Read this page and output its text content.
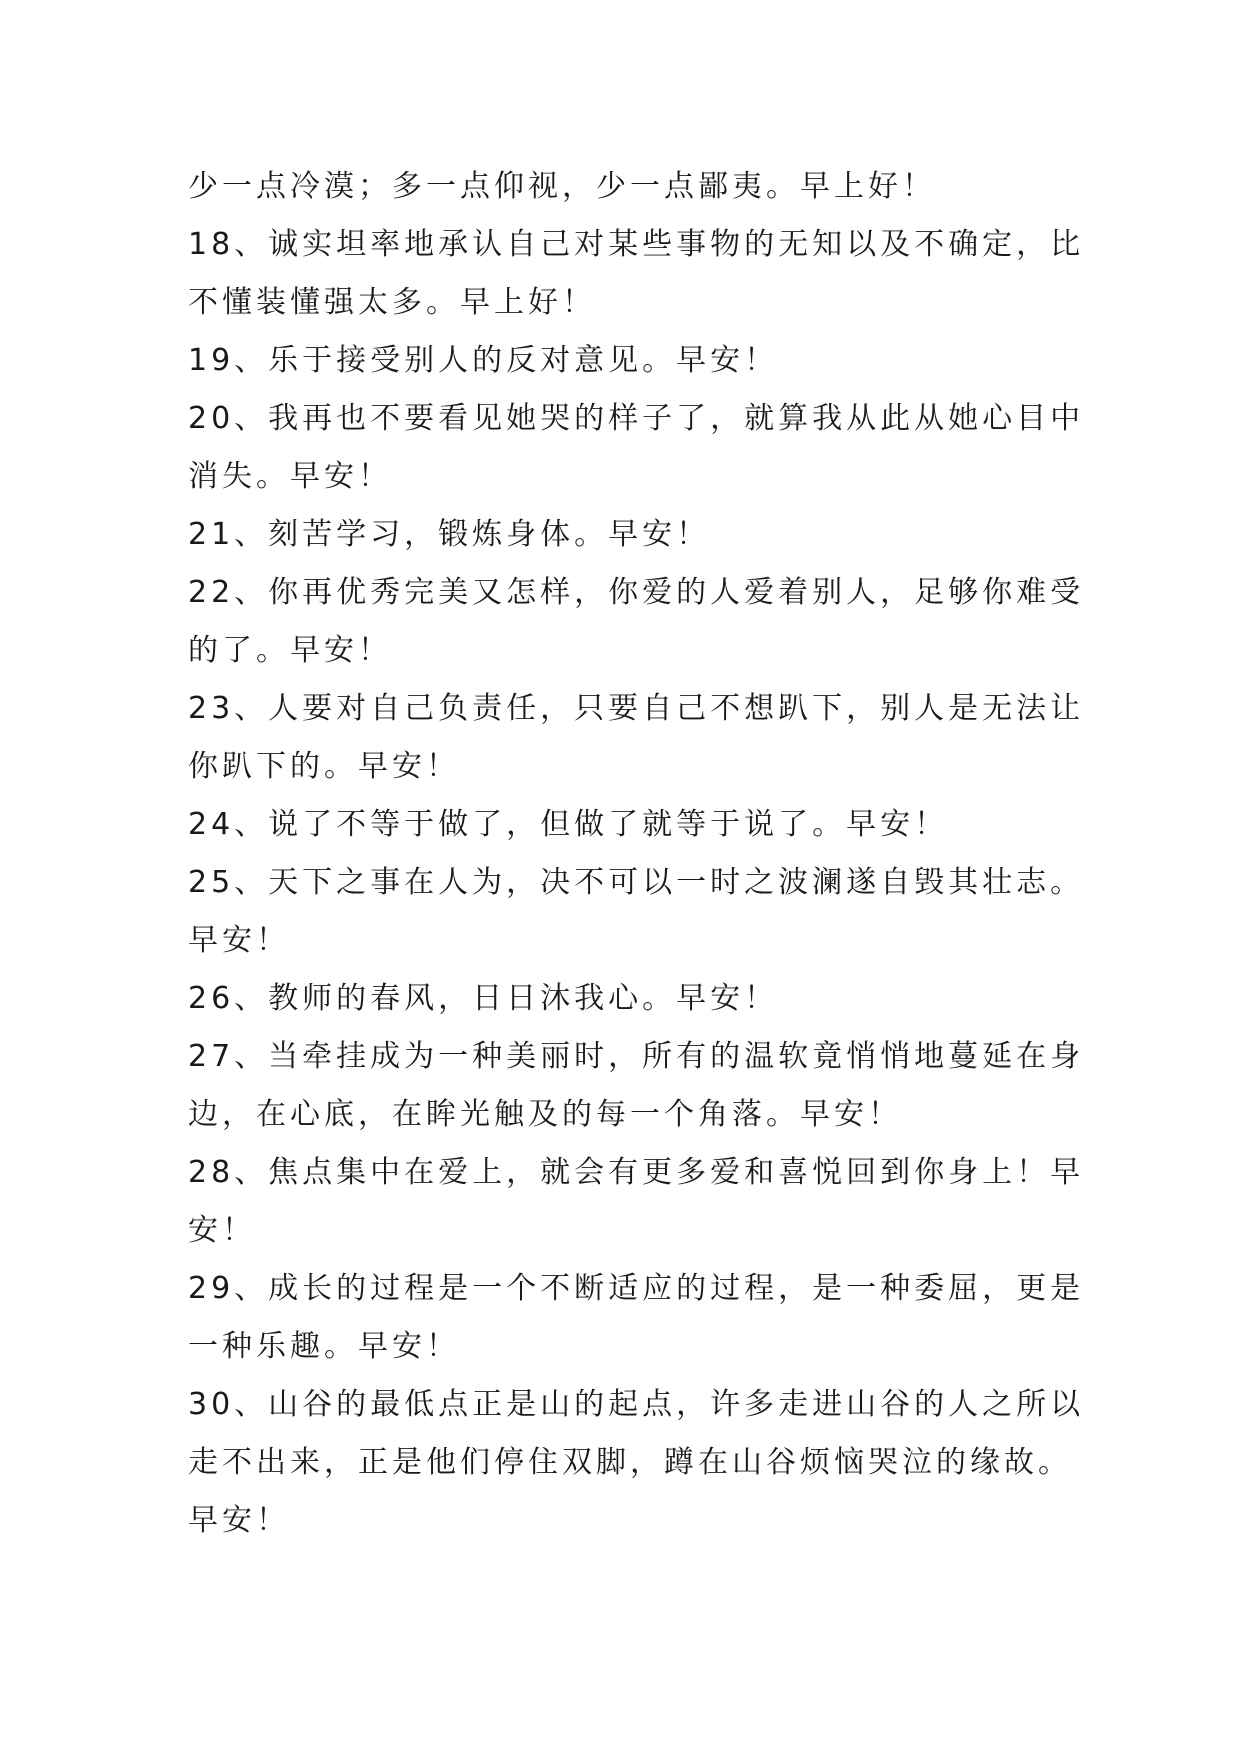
少一点冷漠；多一点仰视，少一点鄙夷。早上好！
18、诚实坦率地承认自己对某些事物的无知以及不确定，比
不懂装懂强太多。早上好！
19、乐于接受别人的反对意见。早安！
20、我再也不要看见她哭的样子了，就算我从此从她心目中
消失。早安！
21、刻苦学习，锻炼身体。早安！
22、你再优秀完美又怎样，你爱的人爱着别人，足够你难受
的了。早安！
23、人要对自己负责任，只要自己不想趴下，别人是无法让
你趴下的。早安！
24、说了不等于做了，但做了就等于说了。早安！
25、天下之事在人为，决不可以一时之波澜遂自毁其壮志。
早安！
26、教师的春风，日日沐我心。早安！
27、当牵挂成为一种美丽时，所有的温软竟悄悄地蔓延在身
边，在心底，在眸光触及的每一个角落。早安！
28、焦点集中在爱上，就会有更多爱和喜悦回到你身上！早
安！
29、成长的过程是一个不断适应的过程，是一种委屈，更是
一种乐趣。早安！
30、山谷的最低点正是山的起点，许多走进山谷的人之所以
走不出来，正是他们停住双脚，蹲在山谷烦恼哭泣的缘故。
早安！
